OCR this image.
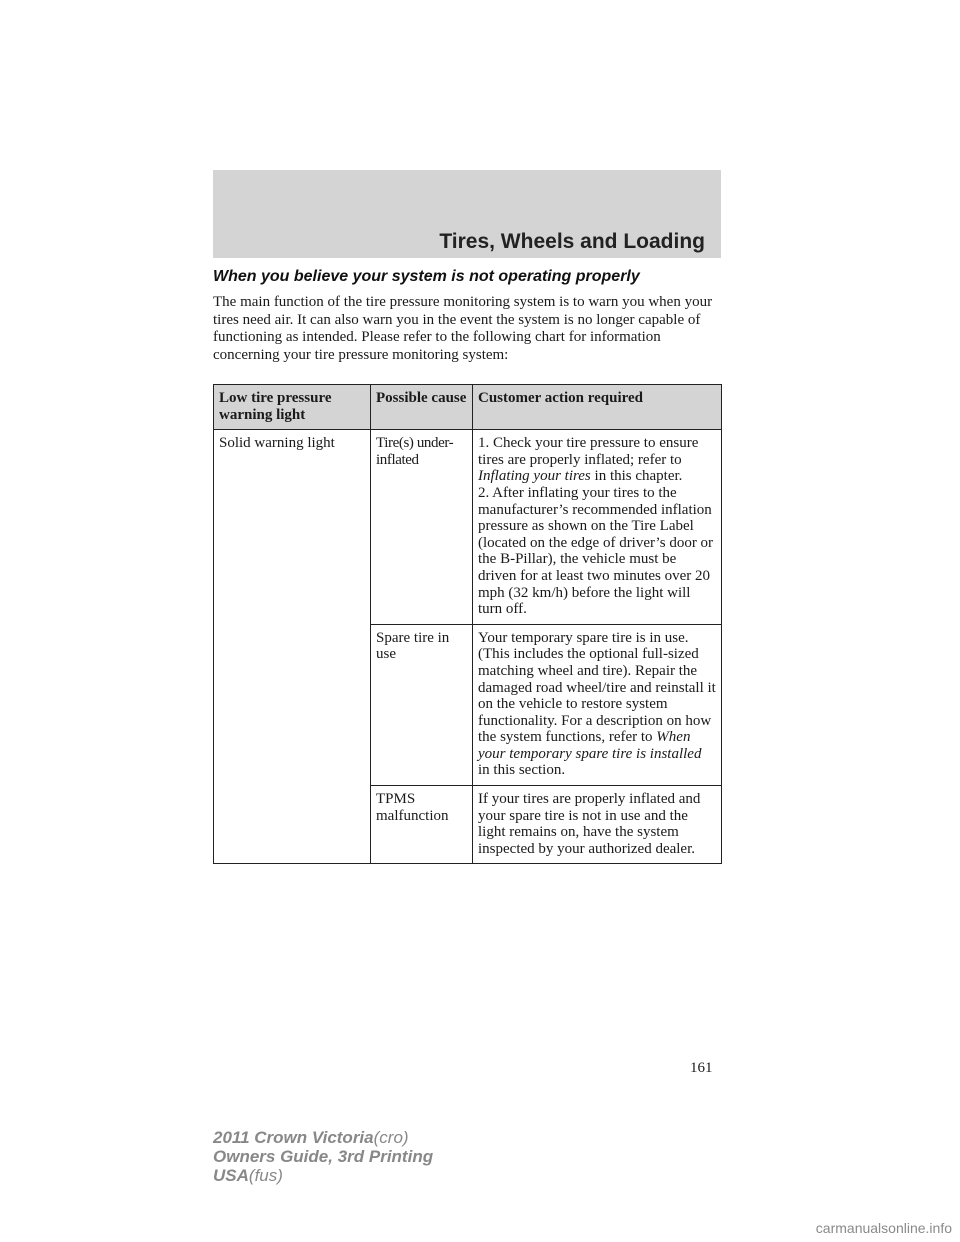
Tires, Wheels and Loading
When you believe your system is not operating properly

The main function of the tire pressure monitoring system is to warn you when your tires need air. It can also warn you in the event the system is no longer capable of functioning as intended. Please refer to the following chart for information concerning your tire pressure monitoring system:

Low tire pressure warning light	Possible cause	Customer action required
Solid warning light	Tire(s) under-inflated	1. Check your tire pressure to ensure tires are properly inflated; refer to Inflating your tires in this chapter.
2. After inflating your tires to the manufacturer’s recommended inflation pressure as shown on the Tire Label (located on the edge of driver’s door or the B-Pillar), the vehicle must be driven for at least two minutes over 20 mph (32 km/h) before the light will turn off.
	Spare tire in use	Your temporary spare tire is in use. (This includes the optional full-sized matching wheel and tire). Repair the damaged road wheel/tire and reinstall it on the vehicle to restore system functionality. For a description on how the system functions, refer to When your temporary spare tire is installed in this section.
	TPMS malfunction	If your tires are properly inflated and your spare tire is not in use and the light remains on, have the system inspected by your authorized dealer.
161
2011 Crown Victoria(cro)
Owners Guide, 3rd Printing
USA(fus)
carmanualsonline.info
